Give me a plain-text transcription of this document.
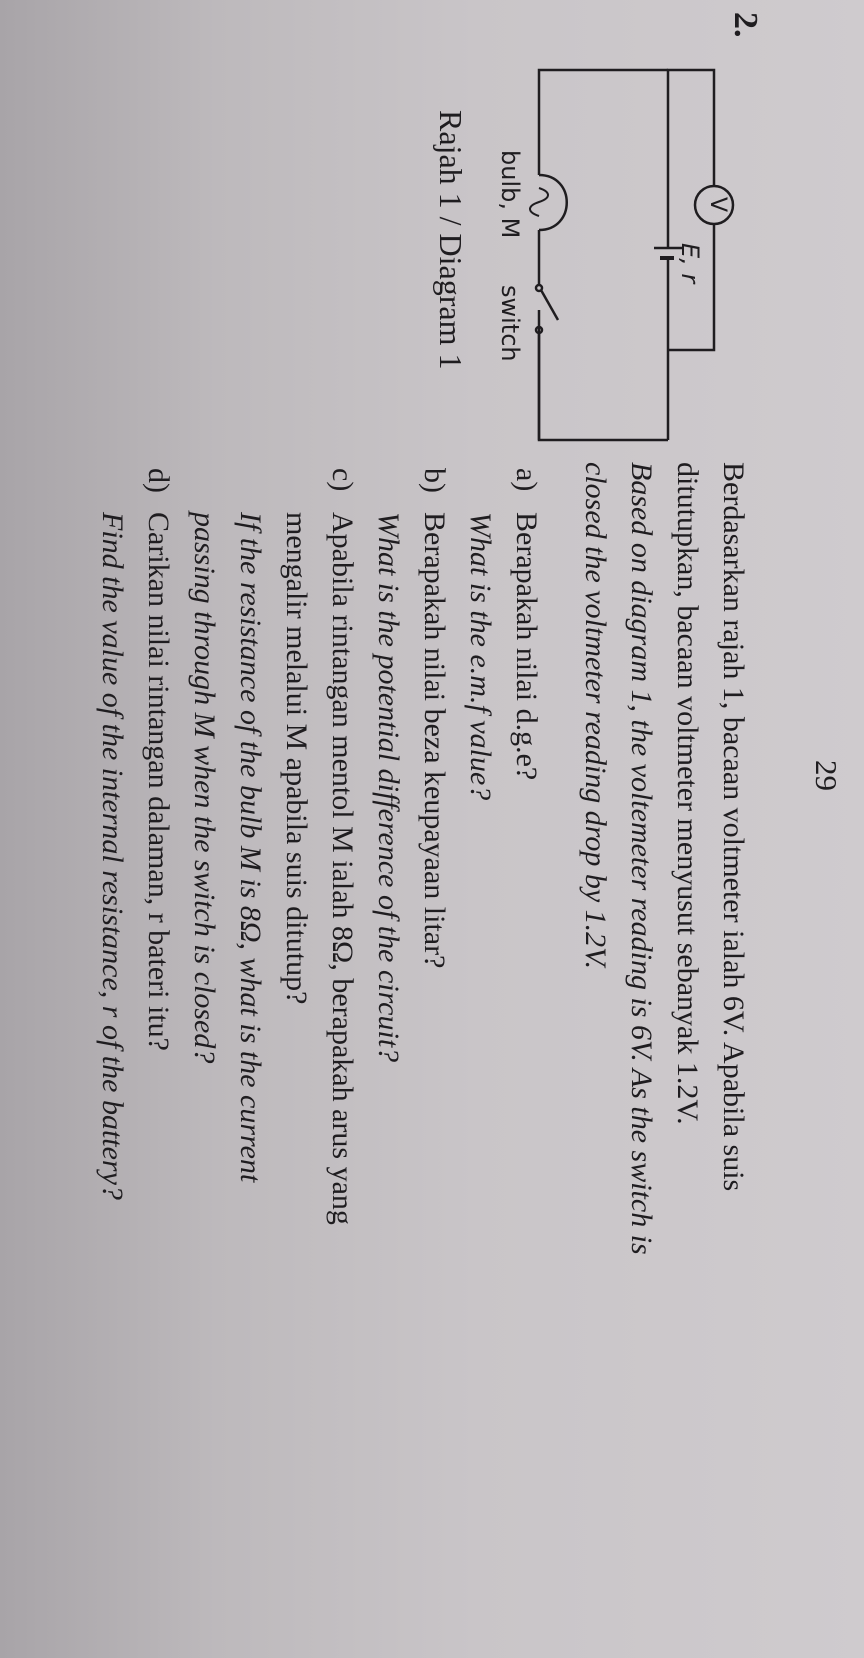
29
2.
Berdasarkan rajah 1, bacaan voltmeter ialah 6V. Apabila suis
ditutupkan, bacaan voltmeter menyusut sebanyak 1.2V.
Based on diagram 1, the voltemeter reading is 6V. As the switch is
closed the voltmeter reading drop by 1.2V.
V
E, r
bulb, M
switch
Rajah 1 / Diagram 1
a)
Berapakah nilai d.g.e?
What is the e.m.f value?
b)
Berapakah nilai beza keupayaan litar?
What is the potential difference of the circuit?
c)
Apabila rintangan mentol M ialah 8Ω, berapakah arus yang
mengalir melalui M apabila suis ditutup?
If the resistance of the bulb M is 8Ω, what is the current
passing through M when the switch is closed?
d)
Carikan nilai rintangan dalaman, r bateri itu?
Find the value of the internal resistance, r of the battery?
